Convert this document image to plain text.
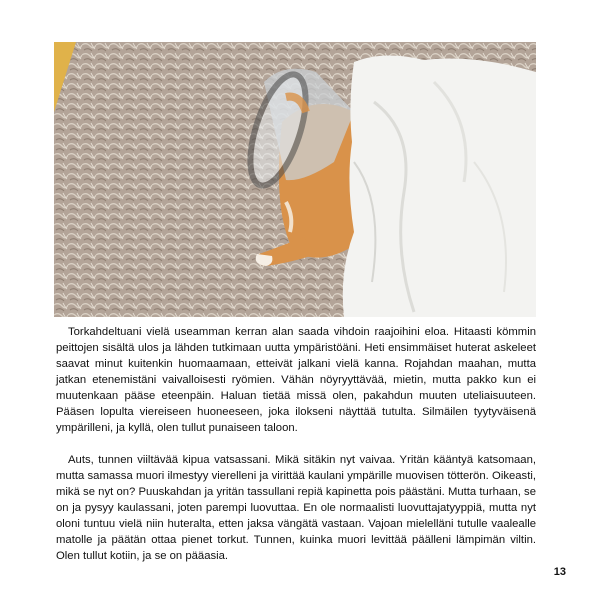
Torkahdeltuani vielä useamman kerran alan saada vihdoin raajoihini eloa. Hitaasti kömmin peittojen sisältä ulos ja lähden tutkimaan uutta ympäristöäni. Heti ensimmäiset huterat askeleet saavat minut kuitenkin huomaamaan, etteivät jalkani vielä kanna. Rojahdan maahan, mutta jatkan etenemistäni vaivalloisesti ryömien. Vähän nöyryyttävää, mietin, mutta pakko kun ei muutenkaan pääse eteenpäin. Haluan tietää missä olen, pakahdun muuten uteliaisuuteen. Pääsen lopulta viereiseen huoneeseen, joka ilokseni näyttää tutulta. Silmäilen tyytyväisenä ympärilleni, ja kyllä, olen tullut punaiseen taloon.

Auts, tunnen viiltävää kipua vatsassani. Mikä sitäkin nyt vaivaa. Yritän kääntyä katsomaan, mutta samassa muori ilmestyy vierelleni ja virittää kaulani ympärille muovisen tötterön. Oikeasti, mikä se nyt on? Puuskahdan ja yritän tassullani repiä kapinetta pois päästäni. Mutta turhaan, se on ja pysyy kaulassani, joten parempi luovuttaa. En ole normaalisti luovuttajatyyppiä, mutta nyt oloni tuntuu vielä niin huteralta, etten jaksa vängätä vastaan. Vajoan mielelläni tutulle vaalealle matolle ja päätän ottaa pienet torkut. Tunnen, kuinka muori levittää päälleni lämpimän viltin. Olen tullut kotiin, ja se on pääasia.

13
